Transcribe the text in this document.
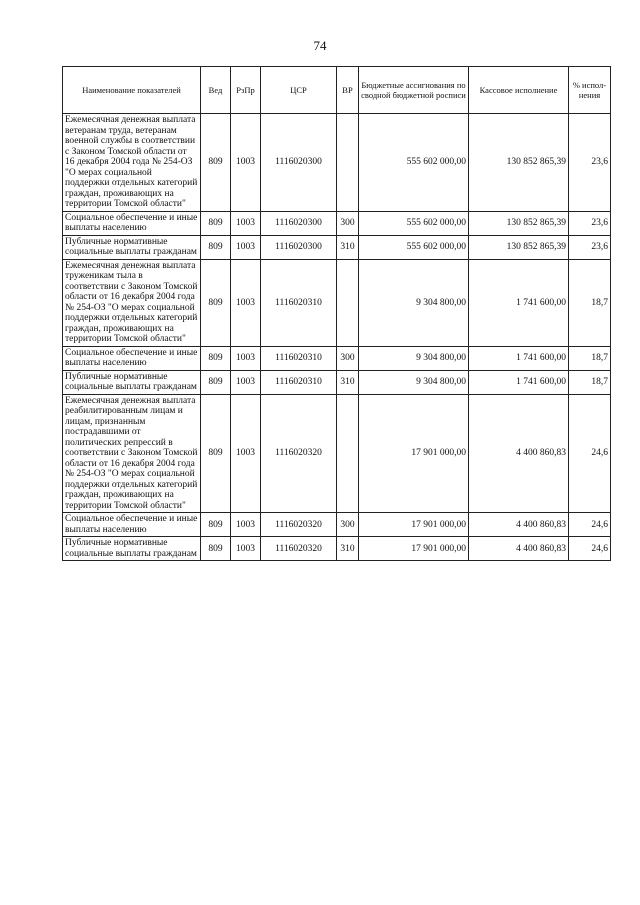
74
Наименование показателей	Вед	РзПр	ЦСР	ВР	Бюджетные ассигнования по сводной бюджетной росписи	Кассовое исполнение	% испол-нения
Ежемесячная денежная выплата ветеранам труда, ветеранам военной службы в соответствии с Законом Томской области от 16 декабря 2004 года № 254-ОЗ "О мерах социальной поддержки отдельных категорий граждан, проживающих на территории Томской области"	809	1003	1116020300		555 602 000,00	130 852 865,39	23,6
Социальное обеспечение и иные выплаты населению	809	1003	1116020300	300	555 602 000,00	130 852 865,39	23,6
Публичные нормативные социальные выплаты гражданам	809	1003	1116020300	310	555 602 000,00	130 852 865,39	23,6
Ежемесячная денежная выплата труженикам тыла в соответствии с Законом Томской области от 16 декабря 2004 года № 254-ОЗ "О мерах социальной поддержки отдельных категорий граждан, проживающих на территории Томской области"	809	1003	1116020310		9 304 800,00	1 741 600,00	18,7
Социальное обеспечение и иные выплаты населению	809	1003	1116020310	300	9 304 800,00	1 741 600,00	18,7
Публичные нормативные социальные выплаты гражданам	809	1003	1116020310	310	9 304 800,00	1 741 600,00	18,7
Ежемесячная денежная выплата реабилитированным лицам и лицам, признанным пострадавшими от политических репрессий в соответствии с Законом Томской области от 16 декабря 2004 года № 254-ОЗ "О мерах социальной поддержки отдельных категорий граждан, проживающих на территории Томской области"	809	1003	1116020320		17 901 000,00	4 400 860,83	24,6
Социальное обеспечение и иные выплаты населению	809	1003	1116020320	300	17 901 000,00	4 400 860,83	24,6
Публичные нормативные социальные выплаты гражданам	809	1003	1116020320	310	17 901 000,00	4 400 860,83	24,6
